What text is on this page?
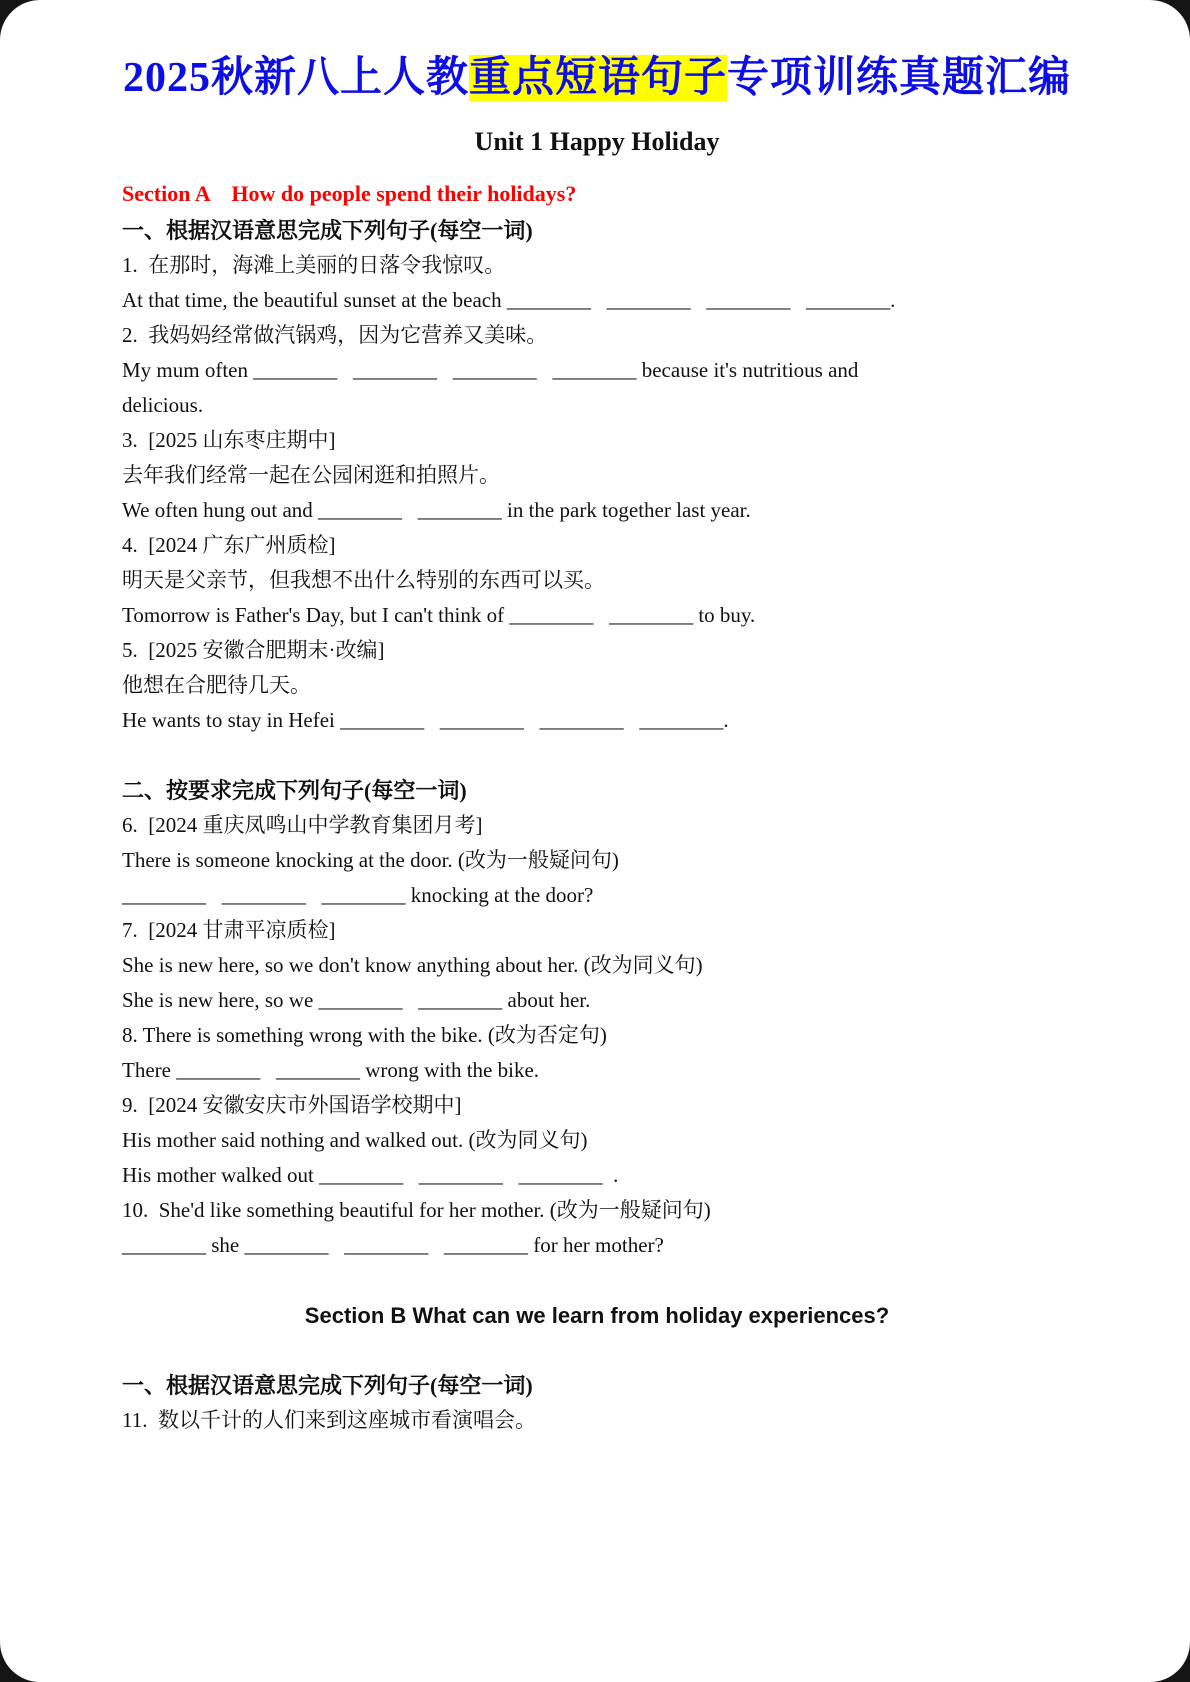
2025秋新八上人教重点短语句子专项训练真题汇编
Unit 1 Happy Holiday
Section A    How do people spend their holidays?
一、根据汉语意思完成下列句子(每空一词)
1.  在那时，海滩上美丽的日落令我惊叹。
At that time, the beautiful sunset at the beach ________   ________   ________   ________.
2.  我妈妈经常做汽锅鸡，因为它营养又美味。
My mum often ________   ________   ________   ________ because it's nutritious and
delicious.
3.  [2025 山东枣庄期中]
去年我们经常一起在公园闲逛和拍照片。
We often hung out and ________   ________ in the park together last year.
4.  [2024 广东广州质检]
明天是父亲节，但我想不出什么特别的东西可以买。
Tomorrow is Father's Day, but I can't think of ________   ________ to buy.
5.  [2025 安徽合肥期末·改编]
他想在合肥待几天。
He wants to stay in Hefei ________   ________   ________   ________.
二、按要求完成下列句子(每空一词)
6.  [2024 重庆凤鸣山中学教育集团月考]
There is someone knocking at the door. (改为一般疑问句)
________   ________   ________ knocking at the door?
7.  [2024 甘肃平凉质检]
She is new here, so we don't know anything about her. (改为同义句)
She is new here, so we ________   ________ about her.
8. There is something wrong with the bike. (改为否定句)
There ________   ________ wrong with the bike.
9.  [2024 安徽安庆市外国语学校期中]
His mother said nothing and walked out. (改为同义句)
His mother walked out ________   ________   ________  .
10.  She'd like something beautiful for her mother. (改为一般疑问句)
________ she ________   ________   ________ for her mother?
Section B What can we learn from holiday experiences?
一、根据汉语意思完成下列句子(每空一词)
11.  数以千计的人们来到这座城市看演唱会。
